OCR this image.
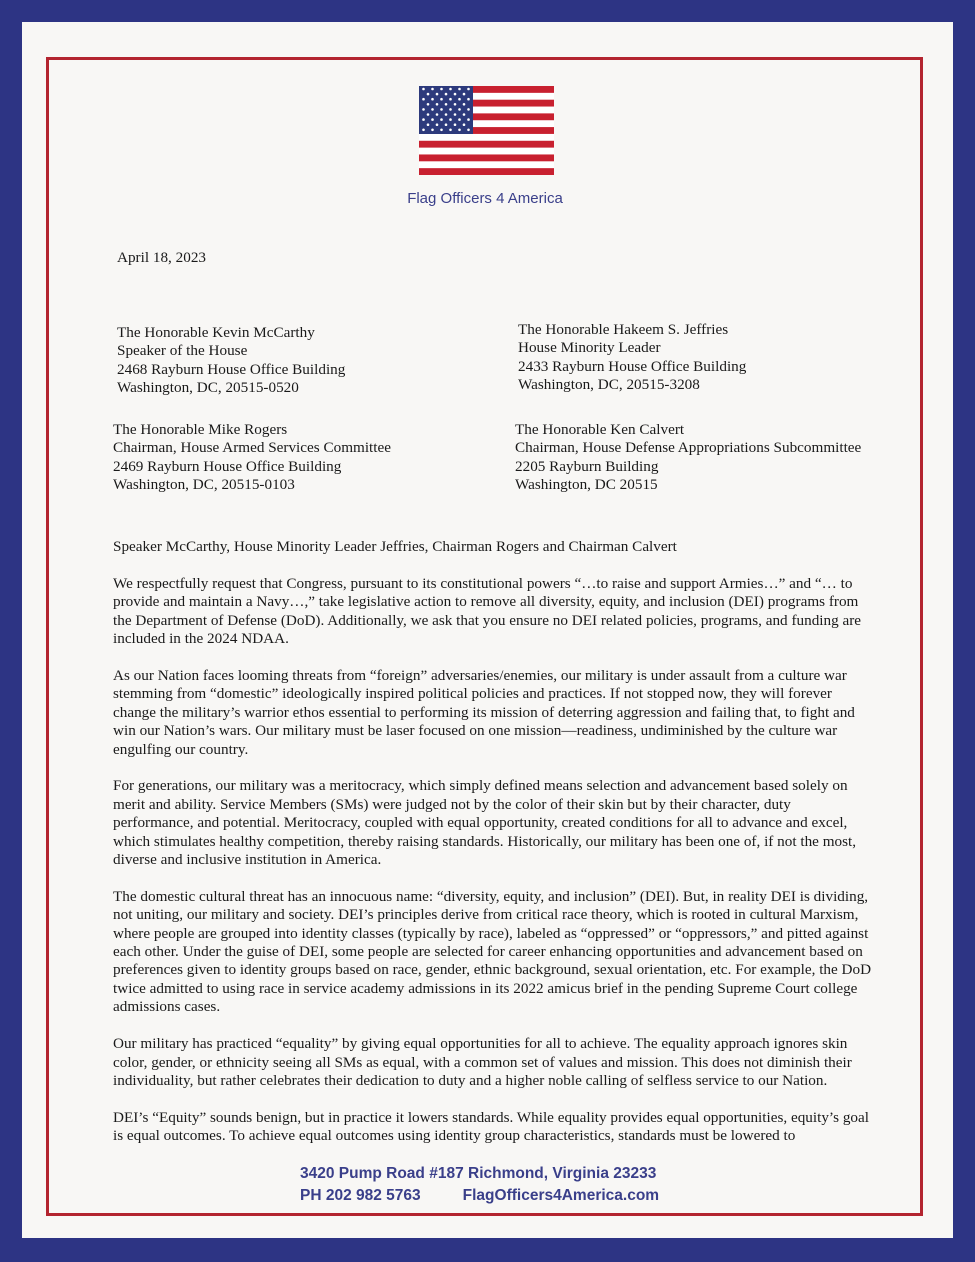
Flag Officers 4 America
April 18, 2023
The Honorable Kevin McCarthy
Speaker of the House
2468 Rayburn House Office Building
Washington, DC, 20515-0520
The Honorable Hakeem S. Jeffries
House Minority Leader
2433 Rayburn House Office Building
Washington, DC, 20515-3208
The Honorable Mike Rogers
Chairman, House Armed Services Committee
2469 Rayburn House Office Building
Washington, DC, 20515-0103
The Honorable Ken Calvert
Chairman, House Defense Appropriations Subcommittee
2205 Rayburn Building
Washington, DC 20515
Speaker McCarthy, House Minority Leader Jeffries, Chairman Rogers and Chairman Calvert

We respectfully request that Congress, pursuant to its constitutional powers “…to raise and support Armies…” and “… to provide and maintain a Navy…,” take legislative action to remove all diversity, equity, and inclusion (DEI) programs from the Department of Defense (DoD). Additionally, we ask that you ensure no DEI related policies, programs, and funding are included in the 2024 NDAA.

As our Nation faces looming threats from “foreign” adversaries/enemies, our military is under assault from a culture war stemming from “domestic” ideologically inspired political policies and practices. If not stopped now, they will forever change the military’s warrior ethos essential to performing its mission of deterring aggression and failing that, to fight and win our Nation’s wars. Our military must be laser focused on one mission—readiness, undiminished by the culture war engulfing our country.

For generations, our military was a meritocracy, which simply defined means selection and advancement based solely on merit and ability. Service Members (SMs) were judged not by the color of their skin but by their character, duty performance, and potential. Meritocracy, coupled with equal opportunity, created conditions for all to advance and excel, which stimulates healthy competition, thereby raising standards. Historically, our military has been one of, if not the most, diverse and inclusive institution in America.

The domestic cultural threat has an innocuous name: “diversity, equity, and inclusion” (DEI). But, in reality DEI is dividing, not uniting, our military and society. DEI’s principles derive from critical race theory, which is rooted in cultural Marxism, where people are grouped into identity classes (typically by race), labeled as “oppressed” or “oppressors,” and pitted against each other. Under the guise of DEI, some people are selected for career enhancing opportunities and advancement based on preferences given to identity groups based on race, gender, ethnic background, sexual orientation, etc. For example, the DoD twice admitted to using race in service academy admissions in its 2022 amicus brief in the pending Supreme Court college admissions cases.

Our military has practiced “equality” by giving equal opportunities for all to achieve. The equality approach ignores skin color, gender, or ethnicity seeing all SMs as equal, with a common set of values and mission. This does not diminish their individuality, but rather celebrates their dedication to duty and a higher noble calling of selfless service to our Nation.

DEI’s “Equity” sounds benign, but in practice it lowers standards. While equality provides equal opportunities, equity’s goal is equal outcomes. To achieve equal outcomes using identity group characteristics, standards must be lowered to

3420 Pump Road #187 Richmond, Virginia 23233
PH 202 982 5763	FlagOfficers4America.com
